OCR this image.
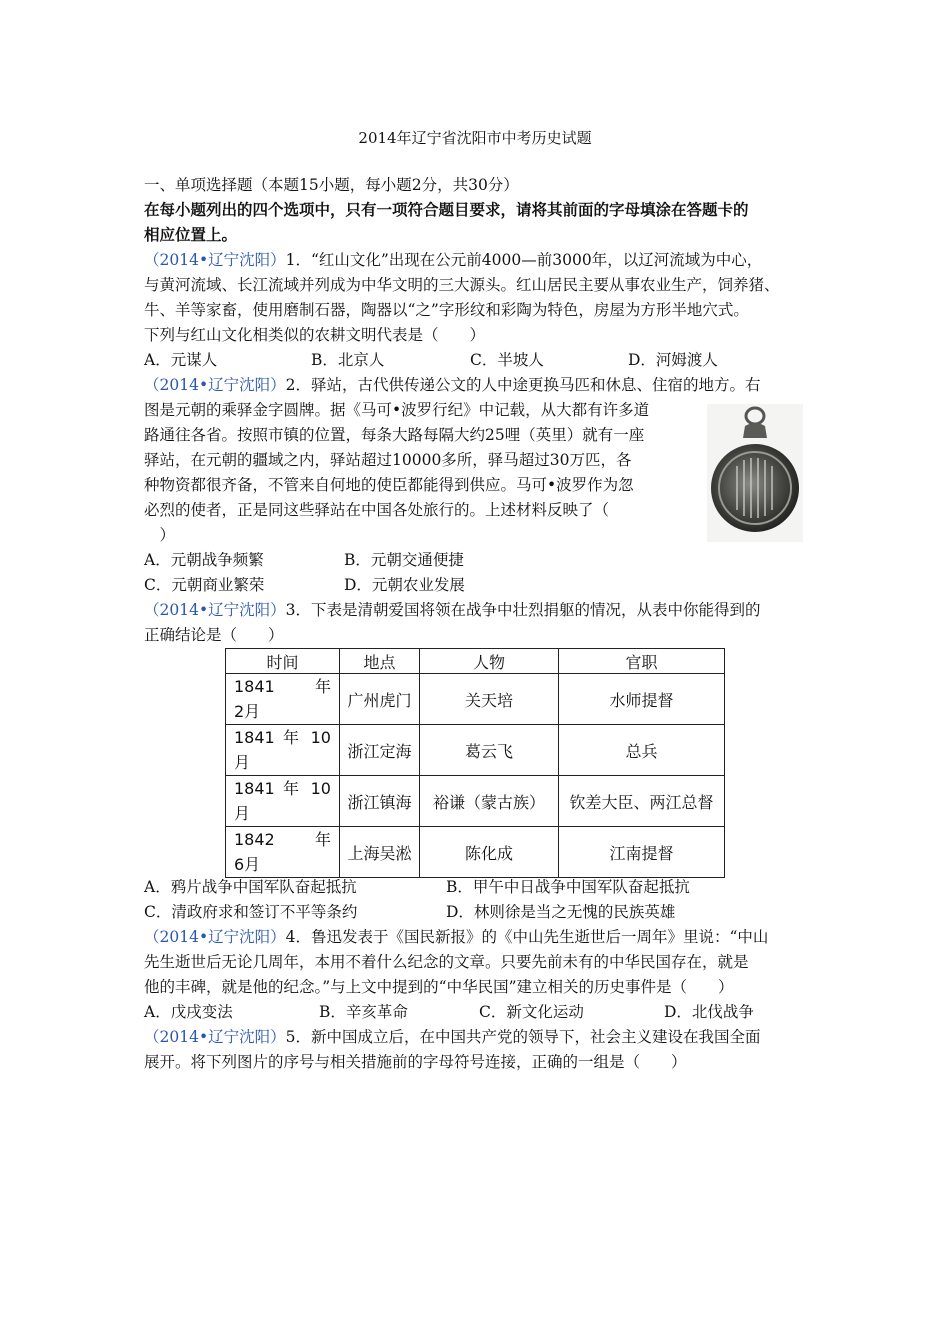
2014年辽宁省沈阳市中考历史试题
一、单项选择题（本题15小题，每小题2分，共30分）
在每小题列出的四个选项中，只有一项符合题目要求，请将其前面的字母填涂在答题卡的
相应位置上。
（2014•辽宁沈阳）1．“红山文化”出现在公元前4000—前3000年，以辽河流域为中心，
与黄河流域、长江流域并列成为中华文明的三大源头。红山居民主要从事农业生产，饲养猪、
牛、羊等家畜，使用磨制石器，陶器以“之”字形纹和彩陶为特色，房屋为方形半地穴式。
下列与红山文化相类似的农耕文明代表是（　　）
A．元谋人	B．北京人	C．半坡人	D．河姆渡人
（2014•辽宁沈阳）2．驿站，古代供传递公文的人中途更换马匹和休息、住宿的地方。右
图是元朝的乘驿金字圆牌。据《马可•波罗行纪》中记载，从大都有许多道
路通往各省。按照市镇的位置，每条大路每隔大约25哩（英里）就有一座
驿站，在元朝的疆域之内，驿站超过10000多所，驿马超过30万匹，各
种物资都很齐备，不管来自何地的使臣都能得到供应。马可•波罗作为忽
必烈的使者，正是同这些驿站在中国各处旅行的。上述材料反映了（
　）
A．元朝战争频繁	B．元朝交通便捷
C．元朝商业繁荣	D．元朝农业发展
（2014•辽宁沈阳）3．下表是清朝爱国将领在战争中壮烈捐躯的情况，从表中你能得到的
正确结论是（　　）
时间	地点	人物	官职
1841　年　2月	广州虎门	关天培	水师提督
1841 年 10月	浙江定海	葛云飞	总兵
1841 年 10月	浙江镇海	裕谦（蒙古族）	钦差大臣、两江总督
1842　年　6月	上海吴淞	陈化成	江南提督
A．鸦片战争中国军队奋起抵抗	B．甲午中日战争中国军队奋起抵抗
C．清政府求和签订不平等条约	D．林则徐是当之无愧的民族英雄
（2014•辽宁沈阳）4．鲁迅发表于《国民新报》的《中山先生逝世后一周年》里说：“中山
先生逝世后无论几周年，本用不着什么纪念的文章。只要先前未有的中华民国存在，就是
他的丰碑，就是他的纪念。”与上文中提到的“中华民国”建立相关的历史事件是（　　）
A．戊戌变法	B．辛亥革命	C．新文化运动	D．北伐战争
（2014•辽宁沈阳）5．新中国成立后，在中国共产党的领导下，社会主义建设在我国全面
展开。将下列图片的序号与相关措施前的字母符号连接，正确的一组是（　　）
